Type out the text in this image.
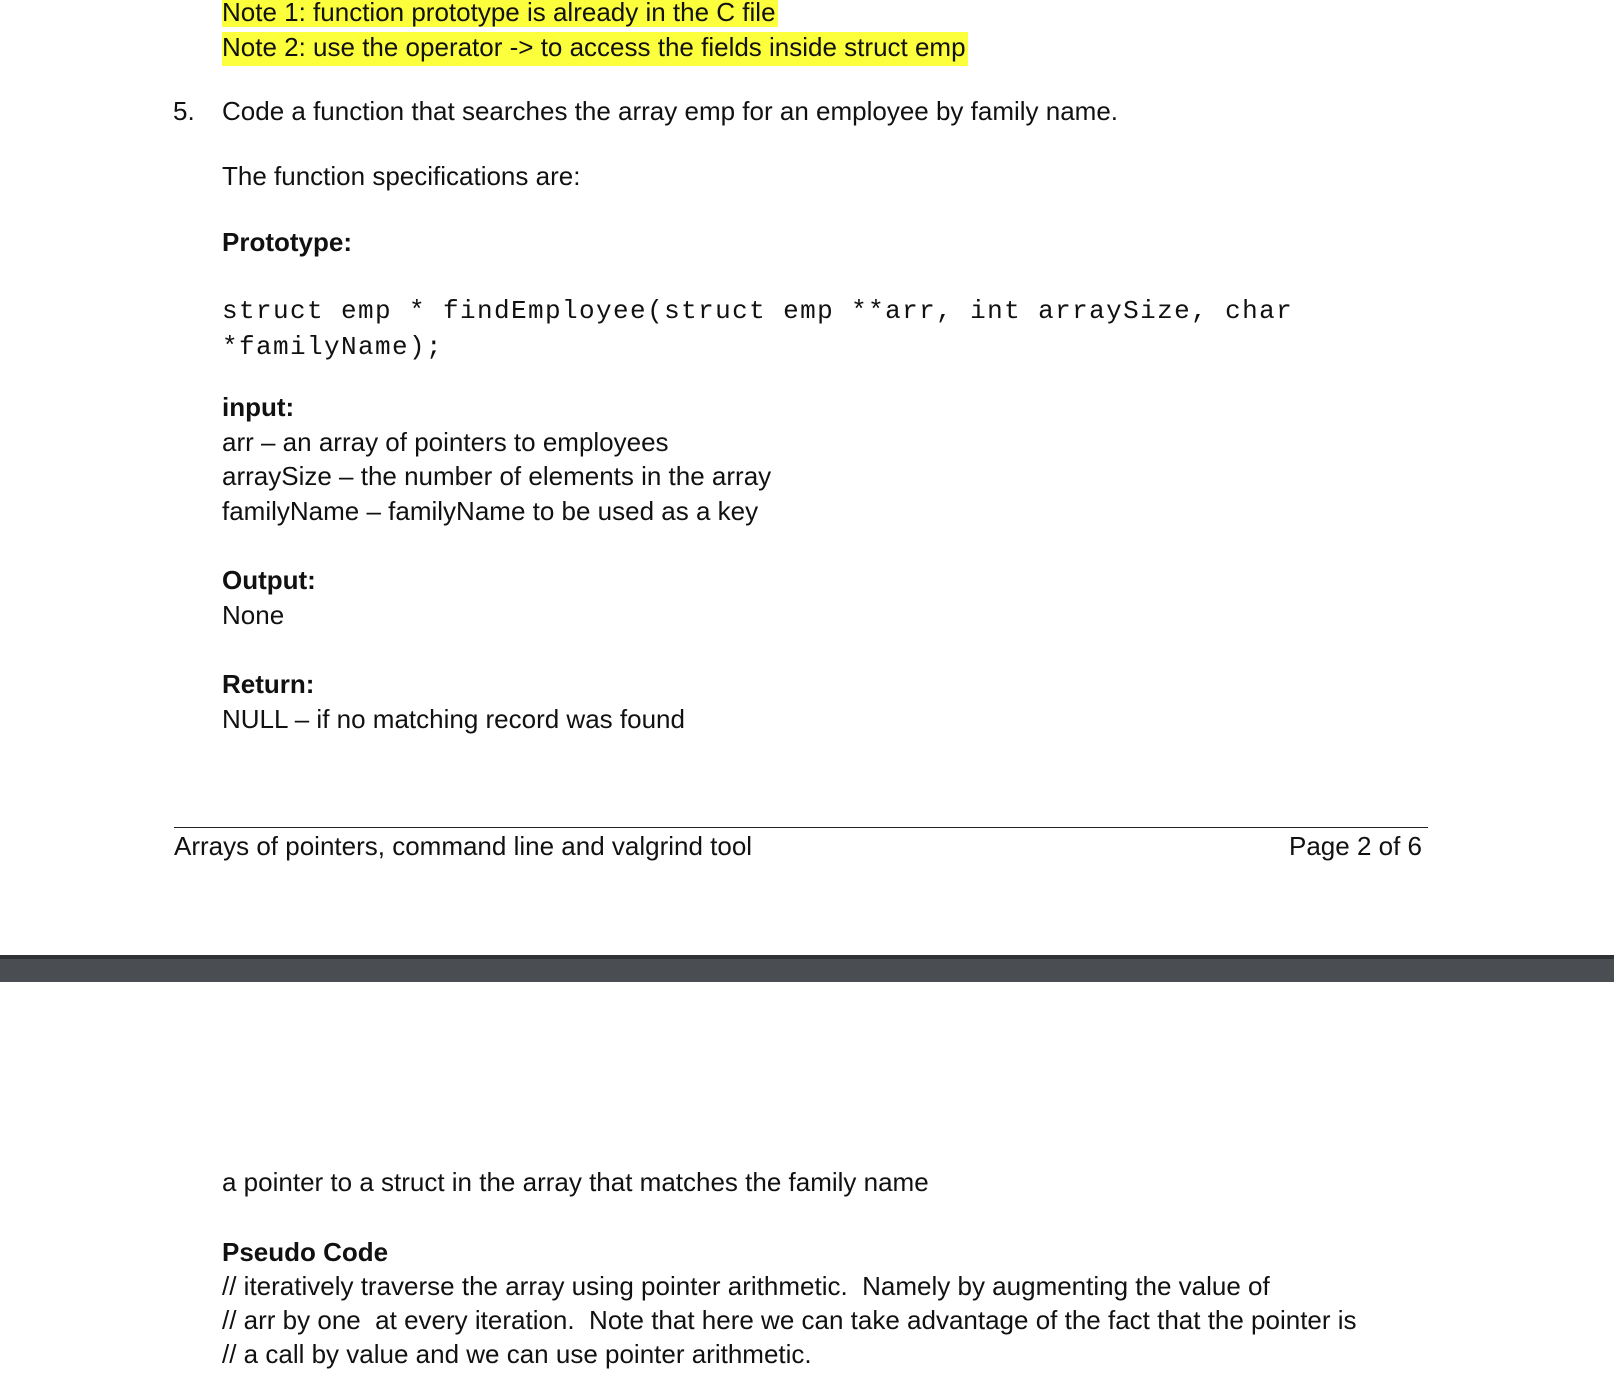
Note 1: function prototype is already in the C file
Note 2: use the operator -> to access the fields inside struct emp
5. Code a function that searches the array emp for an employee by family name.
The function specifications are:
Prototype:
struct emp * findEmployee(struct emp **arr, int arraySize, char
*familyName);
input:
arr – an array of pointers to employees
arraySize – the number of elements in the array
familyName – familyName to be used as a key
Output:
None
Return:
NULL – if no matching record was found
Arrays of pointers, command line and valgrind tool	Page 2 of 6
a pointer to a struct in the array that matches the family name
Pseudo Code
// iteratively traverse the array using pointer arithmetic.  Namely by augmenting the value of
// arr by one  at every iteration.  Note that here we can take advantage of the fact that the pointer is
// a call by value and we can use pointer arithmetic.
